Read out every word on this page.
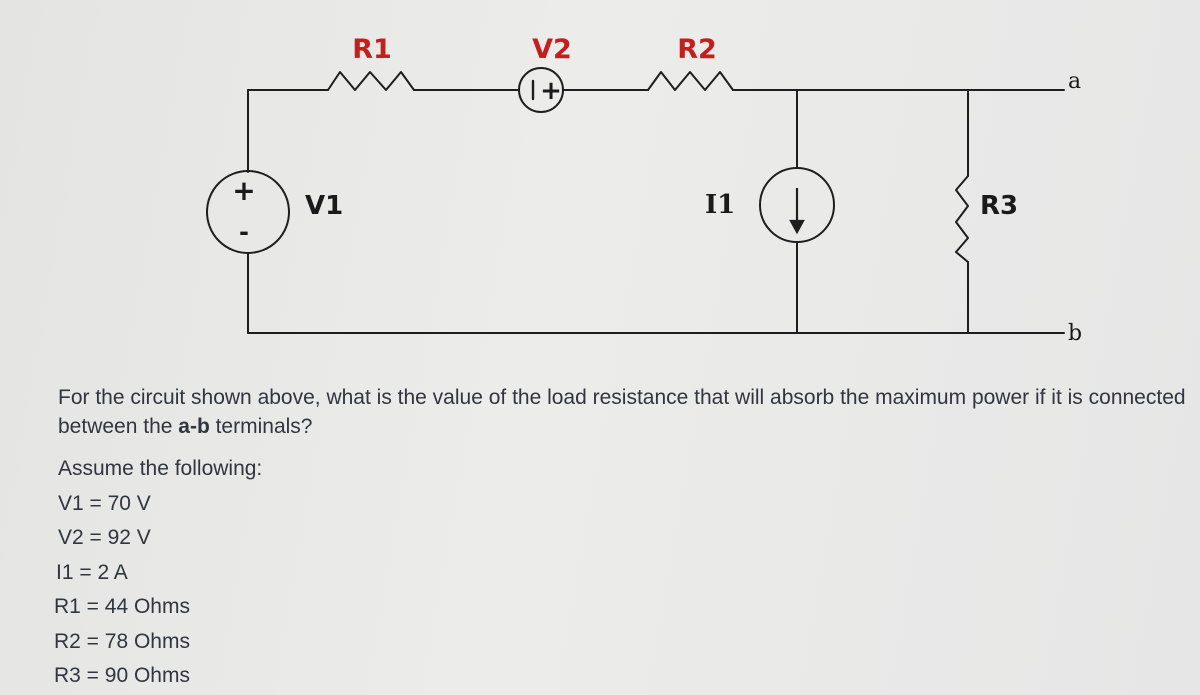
+
+
-
R1	V2	R2
V1	I1	R3
a
b
For the circuit shown above, what is the value of the load resistance that will absorb the maximum power if it is connected between the a-b terminals?
Assume the following:
V1 = 70 V
V2 = 92 V
I1 = 2 A
R1 = 44 Ohms
R2 = 78 Ohms
R3 = 90 Ohms
